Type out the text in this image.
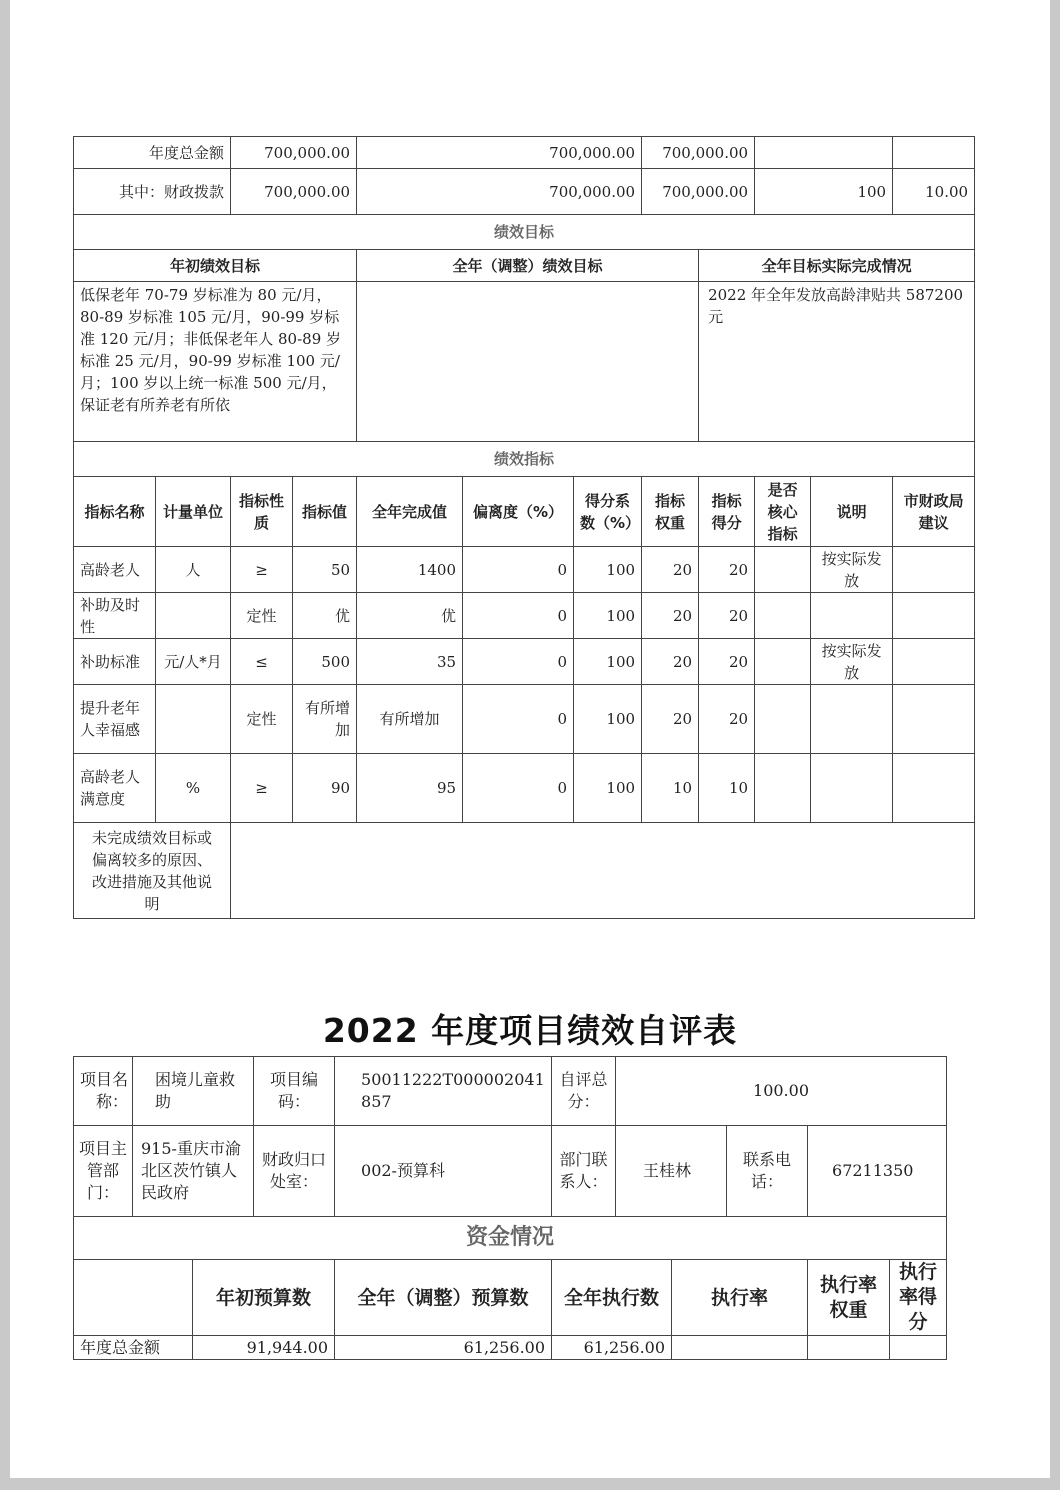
年度总金额		700,000.00		700,000.00			700,000.00					
其中：财政拨款		700,000.00		700,000.00			700,000.00		100		10.00	
绩效目标												
年初绩效目标				全年（调整）绩效目标				全年目标实际完成情况				
低保老年 70-79 岁标准为 80 元/月，80-89 岁标准 105 元/月，90-99 岁标准 120 元/月；非低保老年人 80-89 岁标准 25 元/月，90-99 岁标准 100 元/月；100 岁以上统一标准 500 元/月，保证老有所养老有所依								2022 年全年发放高龄津贴共 587200 元				
绩效指标												
指标名称	计量单位	指标性质	指标值	全年完成值	偏离度（%）	得分系数（%）	指标权重	指标得分	是否核心指标	说明	市财政局建议	
高龄老人	人	≥	50	1400	0	100	20	20		按实际发放		
补助及时性		定性	优	优	0	100	20	20				
补助标准	元/人*月	≤	500	35	0	100	20	20		按实际发放		
提升老年人幸福感		定性	有所增加	有所增加	0	100	20	20				
高龄老人满意度	%	≥	90	95	0	100	10	10				
未完成绩效目标或偏离较多的原因、改进措施及其他说明												
2022 年度项目绩效自评表
项目名称：	困境儿童救助		项目编码：	50011222T000002041857	自评总分：	100.00				
项目主管部门：	915-重庆市渝北区茨竹镇人民政府		财政归口处室：	002-预算科	部门联系人：	王桂林		联系电话：	67211350	
资金情况										
		年初预算数		全年（调整）预算数	全年执行数		执行率		执行率权重	执行率得分
年度总金额		91,944.00		61,256.00	61,256.00					
